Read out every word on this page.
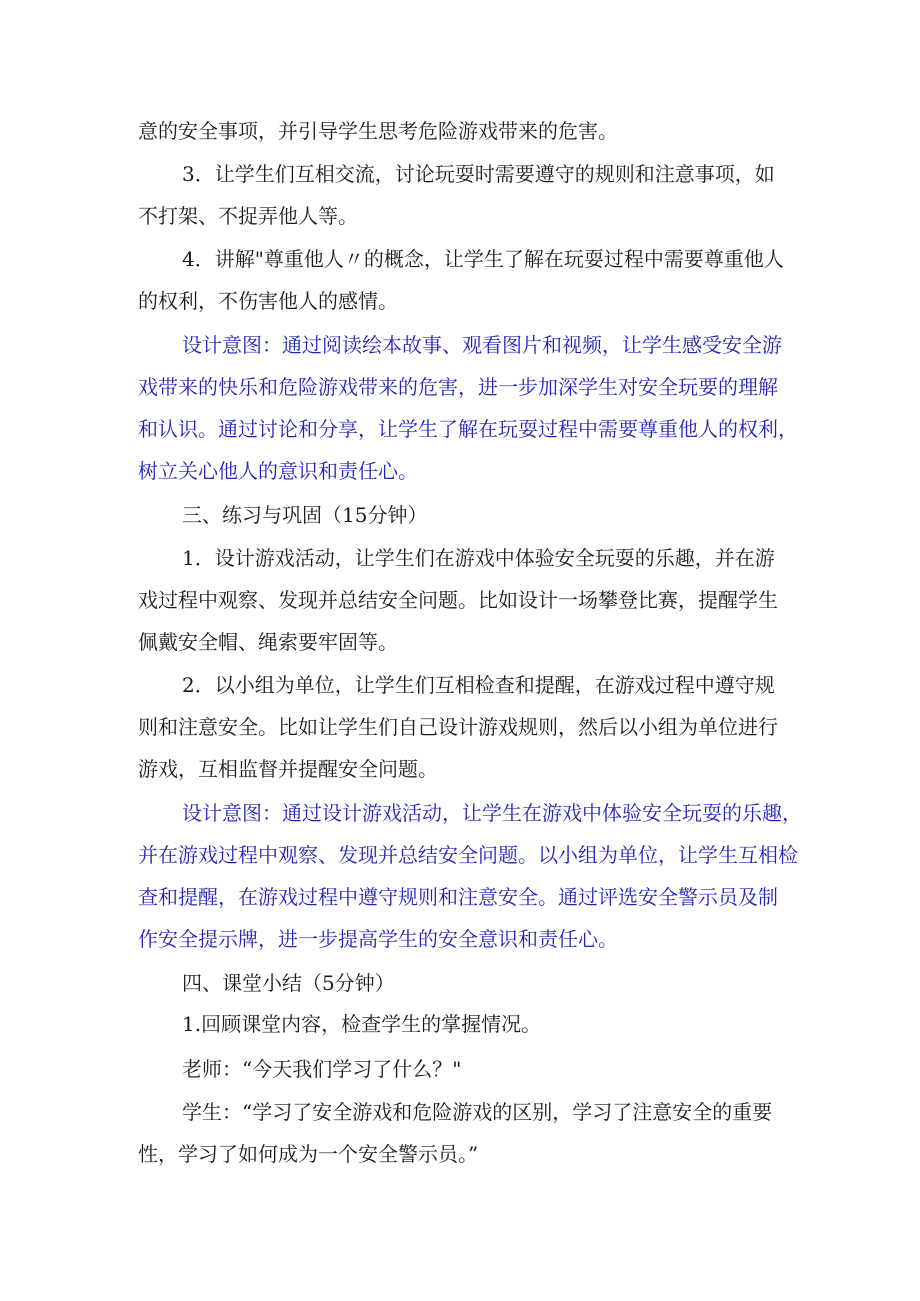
意的安全事项，并引导学生思考危险游戏带来的危害。
3．让学生们互相交流，讨论玩耍时需要遵守的规则和注意事项，如
不打架、不捉弄他人等。
4．讲解"尊重他人〃的概念，让学生了解在玩耍过程中需要尊重他人
的权利，不伤害他人的感情。
设计意图：通过阅读绘本故事、观看图片和视频，让学生感受安全游
戏带来的快乐和危险游戏带来的危害，进一步加深学生对安全玩要的理解
和认识。通过讨论和分享，让学生了解在玩耍过程中需要尊重他人的权利，
树立关心他人的意识和责任心。
三、练习与巩固（15分钟）
1．设计游戏活动，让学生们在游戏中体验安全玩耍的乐趣，并在游
戏过程中观察、发现并总结安全问题。比如设计一场攀登比赛，提醒学生
佩戴安全帽、绳索要牢固等。
2．以小组为单位，让学生们互相检查和提醒，在游戏过程中遵守规
则和注意安全。比如让学生们自己设计游戏规则，然后以小组为单位进行
游戏，互相监督并提醒安全问题。
设计意图：通过设计游戏活动，让学生在游戏中体验安全玩耍的乐趣，
并在游戏过程中观察、发现并总结安全问题。以小组为单位，让学生互相检
查和提醒，在游戏过程中遵守规则和注意安全。通过评选安全警示员及制
作安全提示牌，进一步提高学生的安全意识和责任心。
四、课堂小结（5分钟）
1.回顾课堂内容，检查学生的掌握情况。
老师：“今天我们学习了什么？"
学生：“学习了安全游戏和危险游戏的区别，学习了注意安全的重要
性，学习了如何成为一个安全警示员。”
